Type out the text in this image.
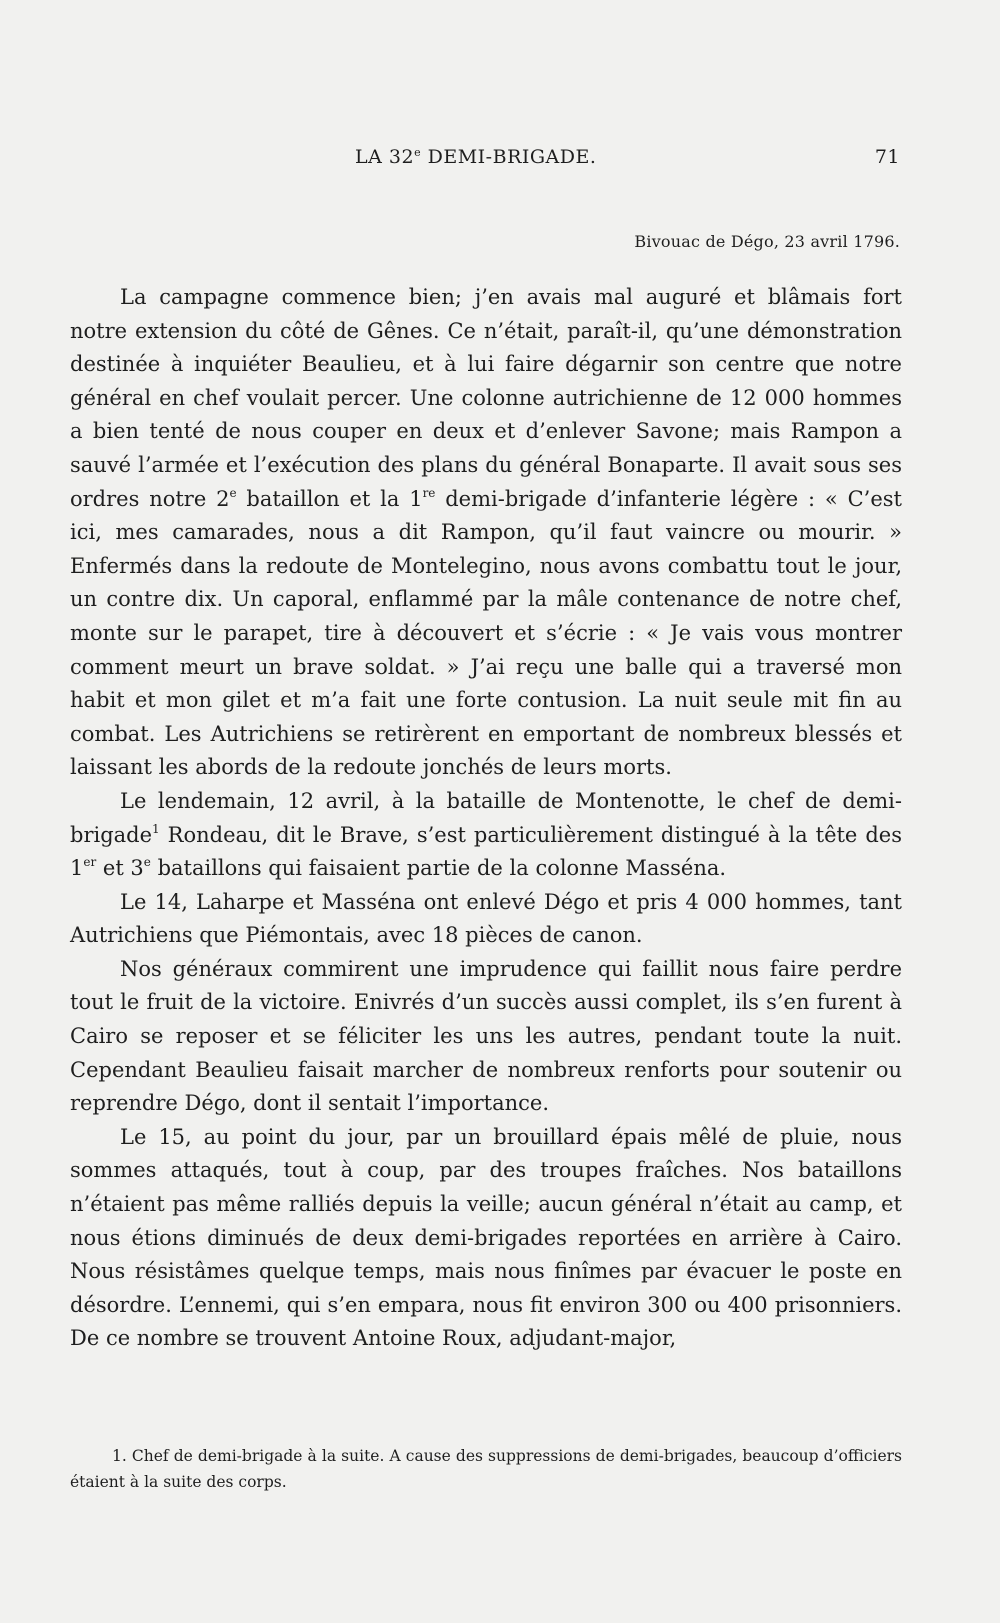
LA 32e DEMI-BRIGADE.	71
Bivouac de Dégo, 23 avril 1796.

La campagne commence bien; j’en avais mal auguré et blâmais fort notre extension du côté de Gênes. Ce n’était, paraît-il, qu’une démonstration destinée à inquiéter Beaulieu, et à lui faire dégarnir son centre que notre général en chef voulait percer. Une colonne autrichienne de 12 000 hommes a bien tenté de nous couper en deux et d’enlever Savone; mais Rampon a sauvé l’armée et l’exécution des plans du général Bonaparte. Il avait sous ses ordres notre 2e bataillon et la 1re demi-brigade d’infanterie légère : « C’est ici, mes camarades, nous a dit Rampon, qu’il faut vaincre ou mourir. » Enfermés dans la redoute de Montelegino, nous avons combattu tout le jour, un contre dix. Un caporal, enflammé par la mâle contenance de notre chef, monte sur le parapet, tire à découvert et s’écrie : « Je vais vous montrer comment meurt un brave soldat. » J’ai reçu une balle qui a traversé mon habit et mon gilet et m’a fait une forte contusion. La nuit seule mit fin au combat. Les Autrichiens se retirèrent en emportant de nombreux blessés et laissant les abords de la redoute jonchés de leurs morts.

Le lendemain, 12 avril, à la bataille de Montenotte, le chef de demi-brigade$^1$ Rondeau, dit le Brave, s’est particulièrement distingué à la tête des 1er et 3e bataillons qui faisaient partie de la colonne Masséna.

Le 14, Laharpe et Masséna ont enlevé Dégo et pris 4 000 hommes, tant Autrichiens que Piémontais, avec 18 pièces de canon.

Nos généraux commirent une imprudence qui faillit nous faire perdre tout le fruit de la victoire. Enivrés d’un succès aussi complet, ils s’en furent à Cairo se reposer et se féliciter les uns les autres, pendant toute la nuit. Cependant Beaulieu faisait marcher de nombreux renforts pour soutenir ou reprendre Dégo, dont il sentait l’importance.

Le 15, au point du jour, par un brouillard épais mêlé de pluie, nous sommes attaqués, tout à coup, par des troupes fraîches. Nos bataillons n’étaient pas même ralliés depuis la veille; aucun général n’était au camp, et nous étions diminués de deux demi-brigades reportées en arrière à Cairo. Nous résistâmes quelque temps, mais nous finîmes par évacuer le poste en désordre. L’ennemi, qui s’en empara, nous fit environ 300 ou 400 prisonniers. De ce nombre se trouvent Antoine Roux, adjudant-major,

1. Chef de demi-brigade à la suite. A cause des suppressions de demi-brigades, beaucoup d’officiers étaient à la suite des corps.
